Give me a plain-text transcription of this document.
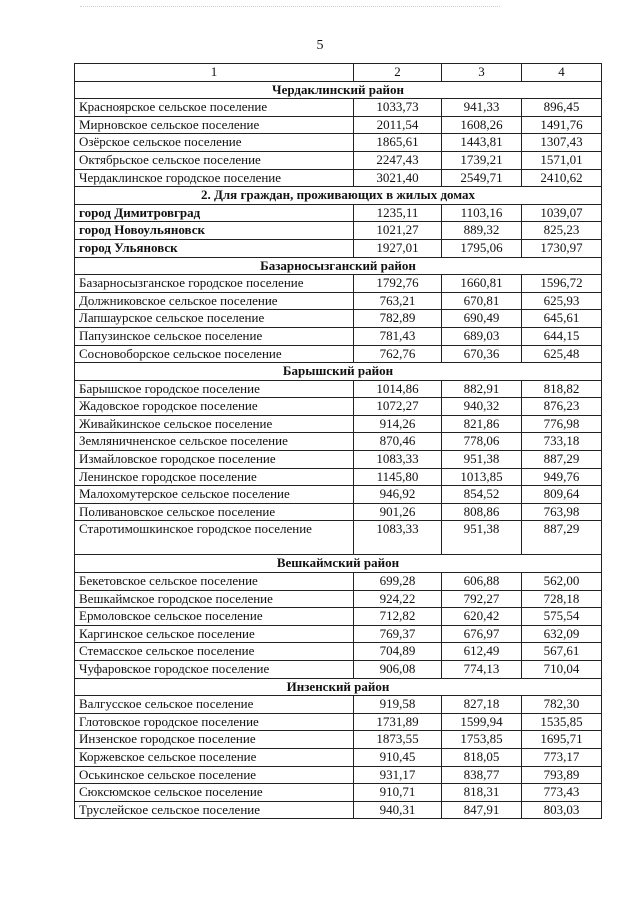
5
1	2	3	4
Чердаклинский район			
Красноярское сельское поселение	1033,73	941,33	896,45
Мирновское сельское поселение	2011,54	1608,26	1491,76
Озёрское сельское поселение	1865,61	1443,81	1307,43
Октябрьское сельское поселение	2247,43	1739,21	1571,01
Чердаклинское городское поселение	3021,40	2549,71	2410,62
2. Для граждан, проживающих в жилых домах			
город Димитровград	1235,11	1103,16	1039,07
город Новоульяновск	1021,27	889,32	825,23
город Ульяновск	1927,01	1795,06	1730,97
Базарносызганский район			
Базарносызганское городское поселение	1792,76	1660,81	1596,72
Должниковское сельское поселение	763,21	670,81	625,93
Лапшаурское сельское поселение	782,89	690,49	645,61
Папузинское сельское поселение	781,43	689,03	644,15
Сосновоборское сельское поселение	762,76	670,36	625,48
Барышский район			
Барышское городское поселение	1014,86	882,91	818,82
Жадовское городское поселение	1072,27	940,32	876,23
Живайкинское сельское поселение	914,26	821,86	776,98
Земляничненское сельское поселение	870,46	778,06	733,18
Измайловское городское поселение	1083,33	951,38	887,29
Ленинское городское поселение	1145,80	1013,85	949,76
Малохомутерское сельское поселение	946,92	854,52	809,64
Поливановское сельское поселение	901,26	808,86	763,98
Старотимошкинское городское поселение	1083,33	951,38	887,29
Вешкаймский район			
Бекетовское сельское поселение	699,28	606,88	562,00
Вешкаймское городское поселение	924,22	792,27	728,18
Ермоловское сельское поселение	712,82	620,42	575,54
Каргинское сельское поселение	769,37	676,97	632,09
Стемасское сельское поселение	704,89	612,49	567,61
Чуфаровское городское поселение	906,08	774,13	710,04
Инзенский район			
Валгусское сельское поселение	919,58	827,18	782,30
Глотовское городское поселение	1731,89	1599,94	1535,85
Инзенское городское поселение	1873,55	1753,85	1695,71
Коржевское сельское поселение	910,45	818,05	773,17
Оськинское сельское поселение	931,17	838,77	793,89
Сюксюмское сельское поселение	910,71	818,31	773,43
Труслейское сельское поселение	940,31	847,91	803,03
